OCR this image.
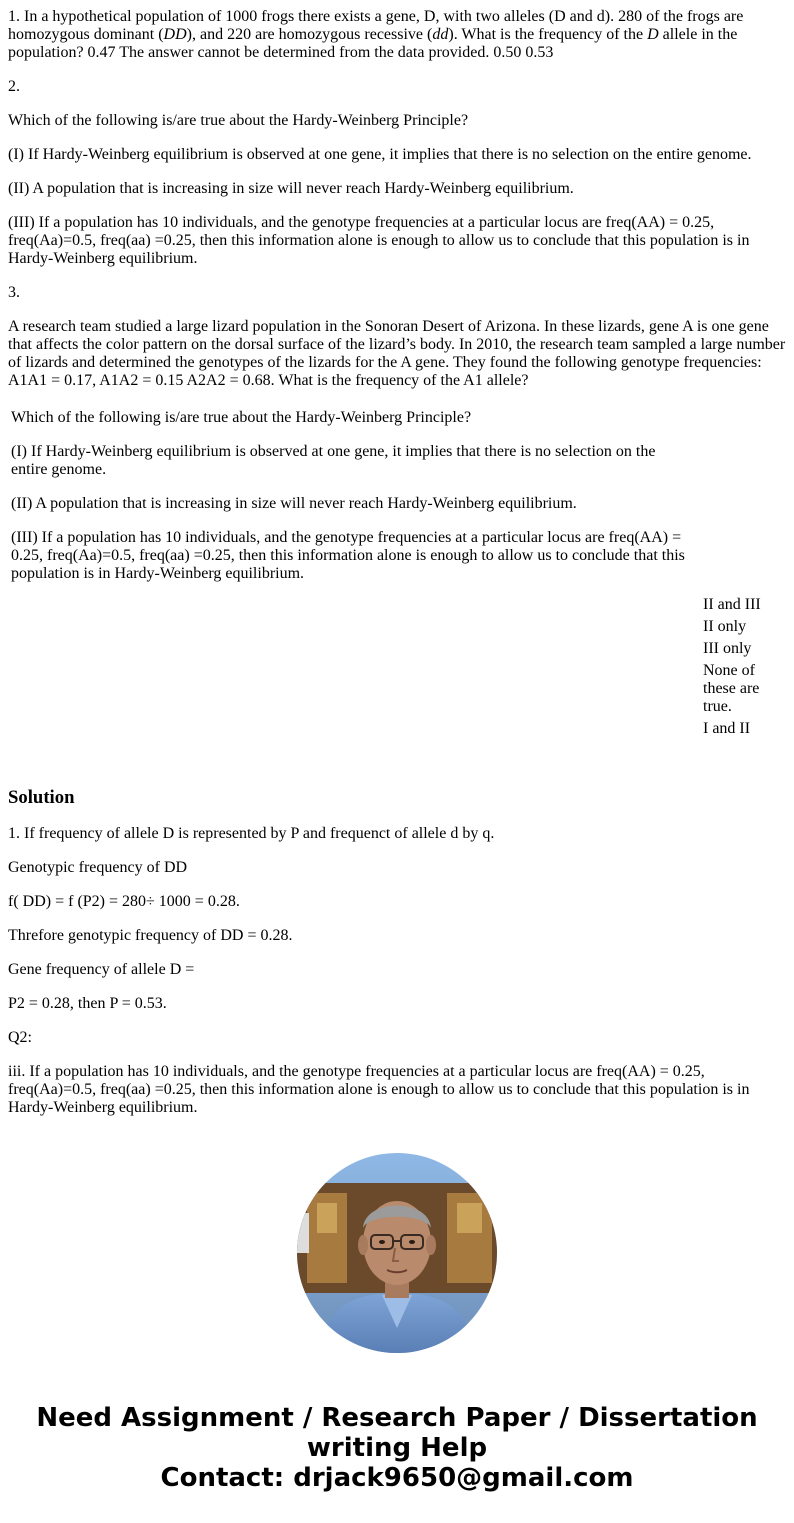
1. In a hypothetical population of 1000 frogs there exists a gene, D, with two alleles (D and d). 280 of the frogs are homozygous dominant (DD), and 220 are homozygous recessive (dd). What is the frequency of the D allele in the population? 0.47 The answer cannot be determined from the data provided. 0.50 0.53

2.

Which of the following is/are true about the Hardy-Weinberg Principle?

(I) If Hardy-Weinberg equilibrium is observed at one gene, it implies that there is no selection on the entire genome.

(II) A population that is increasing in size will never reach Hardy-Weinberg equilibrium.

(III) If a population has 10 individuals, and the genotype frequencies at a particular locus are freq(AA) = 0.25, freq(Aa)=0.5, freq(aa) =0.25, then this information alone is enough to allow us to conclude that this population is in Hardy-Weinberg equilibrium.

3.

A research team studied a large lizard population in the Sonoran Desert of Arizona. In these lizards, gene A is one gene that affects the color pattern on the dorsal surface of the lizard’s body. In 2010, the research team sampled a large number of lizards and determined the genotypes of the lizards for the A gene. They found the following genotype frequencies: A1A1 = 0.17, A1A2 = 0.15 A2A2 = 0.68. What is the frequency of the A1 allele?

Which of the following is/are true about the Hardy-Weinberg Principle?

(I) If Hardy-Weinberg equilibrium is observed at one gene, it implies that there is no selection on the entire genome.

(II) A population that is increasing in size will never reach Hardy-Weinberg equilibrium.

(III) If a population has 10 individuals, and the genotype frequencies at a particular locus are freq(AA) = 0.25, freq(Aa)=0.5, freq(aa) =0.25, then this information alone is enough to allow us to conclude that this population is in Hardy-Weinberg equilibrium.

II and III
II only
III only
None of these are true.
I and II
Solution

1. If frequency of allele D is represented by P and frequenct of allele d by q.

Genotypic frequency of DD

f( DD) = f (P2) = 280÷ 1000 = 0.28.

Threfore genotypic frequency of DD = 0.28.

Gene frequency of allele D =

P2 = 0.28, then P = 0.53.

Q2:

iii. If a population has 10 individuals, and the genotype frequencies at a particular locus are freq(AA) = 0.25, freq(Aa)=0.5, freq(aa) =0.25, then this information alone is enough to allow us to conclude that this population is in Hardy-Weinberg equilibrium.

Need Assignment / Research Paper / Dissertation
writing Help
Contact: drjack9650@gmail.com
